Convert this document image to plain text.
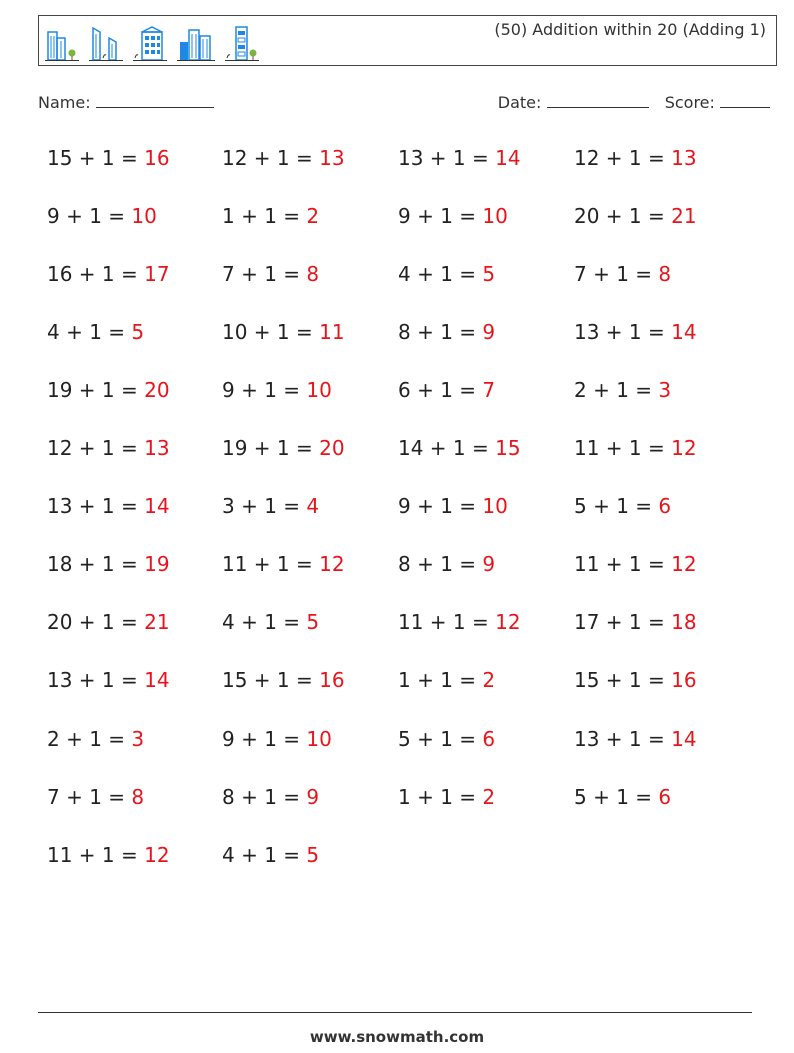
(50) Addition within 20 (Adding 1)
Name:	Date:	Score:
15 + 1 = 16	12 + 1 = 13	13 + 1 = 14	12 + 1 = 13
9 + 1 = 10	1 + 1 = 2	9 + 1 = 10	20 + 1 = 21
16 + 1 = 17	7 + 1 = 8	4 + 1 = 5	7 + 1 = 8
4 + 1 = 5	10 + 1 = 11	8 + 1 = 9	13 + 1 = 14
19 + 1 = 20	9 + 1 = 10	6 + 1 = 7	2 + 1 = 3
12 + 1 = 13	19 + 1 = 20	14 + 1 = 15	11 + 1 = 12
13 + 1 = 14	3 + 1 = 4	9 + 1 = 10	5 + 1 = 6
18 + 1 = 19	11 + 1 = 12	8 + 1 = 9	11 + 1 = 12
20 + 1 = 21	4 + 1 = 5	11 + 1 = 12	17 + 1 = 18
13 + 1 = 14	15 + 1 = 16	1 + 1 = 2	15 + 1 = 16
2 + 1 = 3	9 + 1 = 10	5 + 1 = 6	13 + 1 = 14
7 + 1 = 8	8 + 1 = 9	1 + 1 = 2	5 + 1 = 6
11 + 1 = 12	4 + 1 = 5
www.snowmath.com
